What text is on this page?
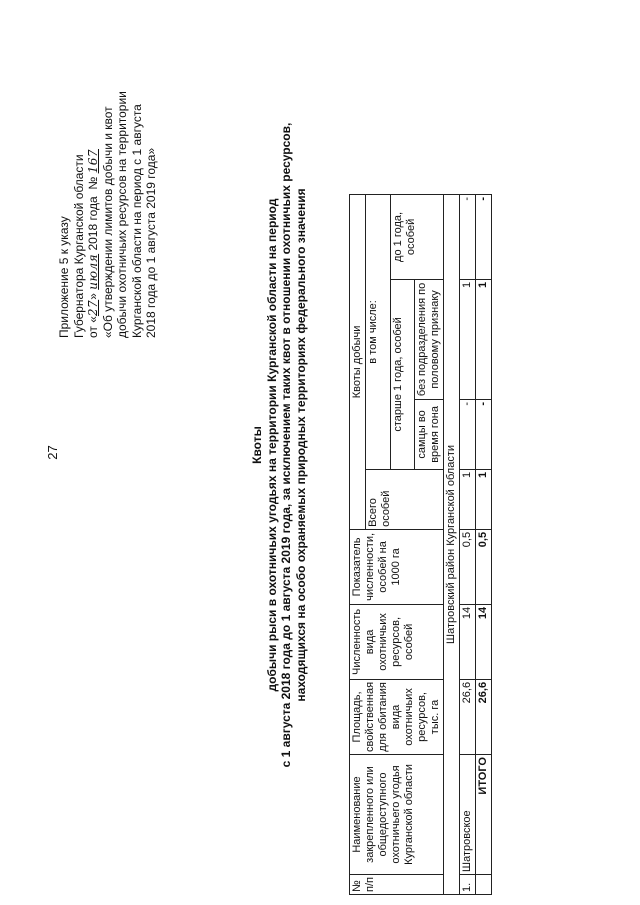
27
Приложение 5 к указу Губернатора Курганской области от «27» июля 2018 года  № 167 «Об утверждении лимитов добычи и квот добычи охотничьих ресурсов на территории Курганской области на период с 1 августа 2018 года до 1 августа 2019 года»
Квоты добычи рыси в охотничьих угодьях на территории Курганской области на период с 1 августа 2018 года до 1 августа 2019 года, за исключением таких квот в отношении охотничьих ресурсов, находящихся на особо охраняемых природных территориях федерального значения
№ п/п	Наименование закрепленного или общедоступного охотничьего угодья Курганской области	Площадь, свойственная для обитания вида охотничьих ресурсов, тыс. га	Численность вида охотничьих ресурсов, особей	Показатель численности, особей на 1000 га	Квоты добычи			
					Всего особей	в том числе:		
						старше 1 года, особей		до 1 года, особей
						самцы во время гона	без подразделения по половому признаку	
Шатровский район Курганской области								
1.	Шатровское	26,6	14	0,5	1	-	1	-
	ИТОГО	26,6	14	0,5	1	-	1	-
